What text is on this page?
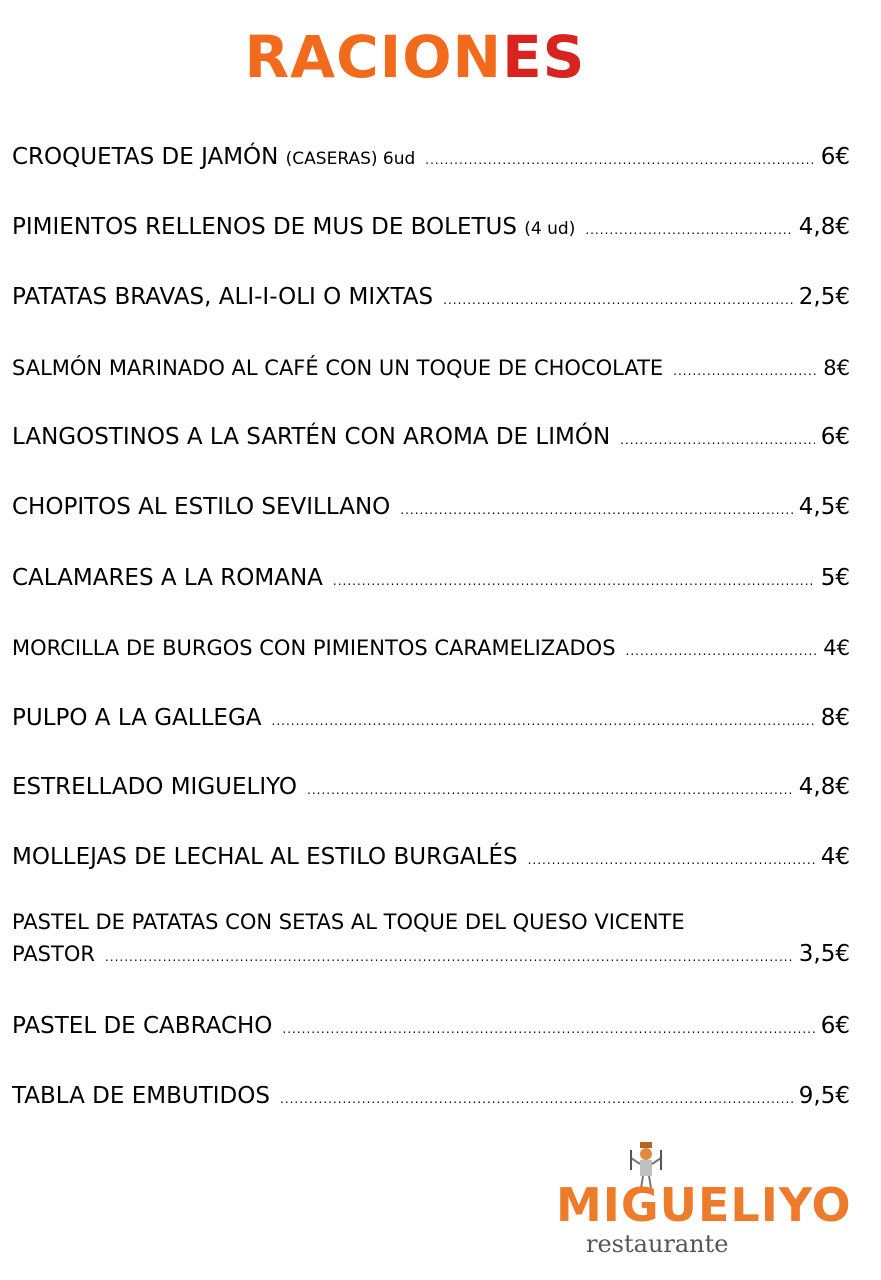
RACIONES
CROQUETAS DE JAMÓN (CASERAS) 6ud .....	6€
PIMIENTOS RELLENOS DE MUS DE BOLETUS (4 ud) .....	4,8€
PATATAS BRAVAS, ALI-I-OLI O MIXTAS .....	2,5€
SALMÓN MARINADO AL CAFÉ CON UN TOQUE DE CHOCOLATE .....	8€
LANGOSTINOS A LA SARTÉN CON AROMA DE LIMÓN .....	6€
CHOPITOS AL ESTILO SEVILLANO .....	4,5€
CALAMARES A LA ROMANA .....	5€
MORCILLA DE BURGOS CON PIMIENTOS CARAMELIZADOS .....	4€
PULPO A LA GALLEGA .....	8€
ESTRELLADO MIGUELIYO .....	4,8€
MOLLEJAS DE LECHAL AL ESTILO BURGALÉS .....	4€
PASTEL DE PATATAS CON SETAS AL TOQUE DEL QUESO VICENTE
PASTOR .....	3,5€
PASTEL DE CABRACHO .....	6€
TABLA DE EMBUTIDOS .....	9,5€
MIGUELIYO
restaurante
